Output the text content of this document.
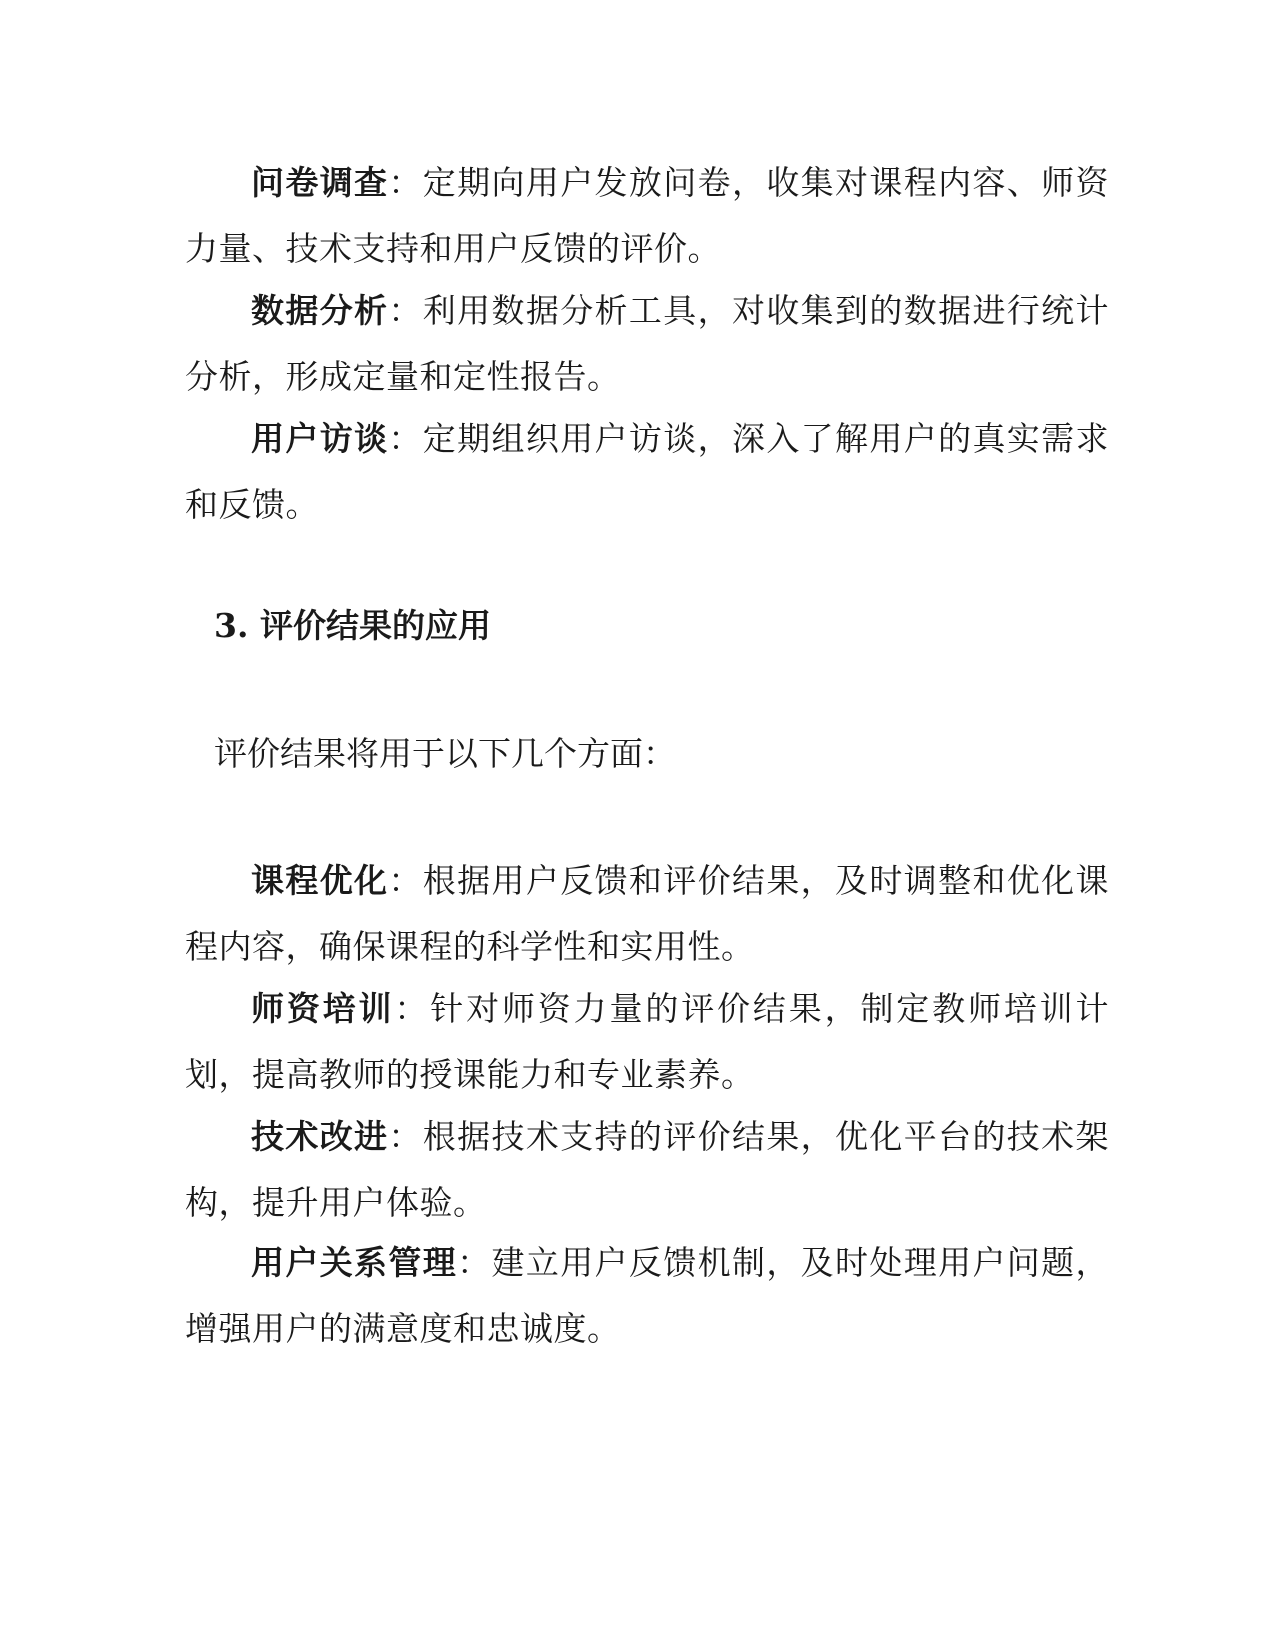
问卷调查：定期向用户发放问卷，收集对课程内容、师资力量、技术支持和用户反馈的评价。

数据分析：利用数据分析工具，对收集到的数据进行统计分析，形成定量和定性报告。

用户访谈：定期组织用户访谈，深入了解用户的真实需求和反馈。

3. 评价结果的应用

评价结果将用于以下几个方面：

课程优化：根据用户反馈和评价结果，及时调整和优化课程内容，确保课程的科学性和实用性。

师资培训：针对师资力量的评价结果，制定教师培训计划，提高教师的授课能力和专业素养。

技术改进：根据技术支持的评价结果，优化平台的技术架构，提升用户体验。

用户关系管理：建立用户反馈机制，及时处理用户问题，增强用户的满意度和忠诚度。
